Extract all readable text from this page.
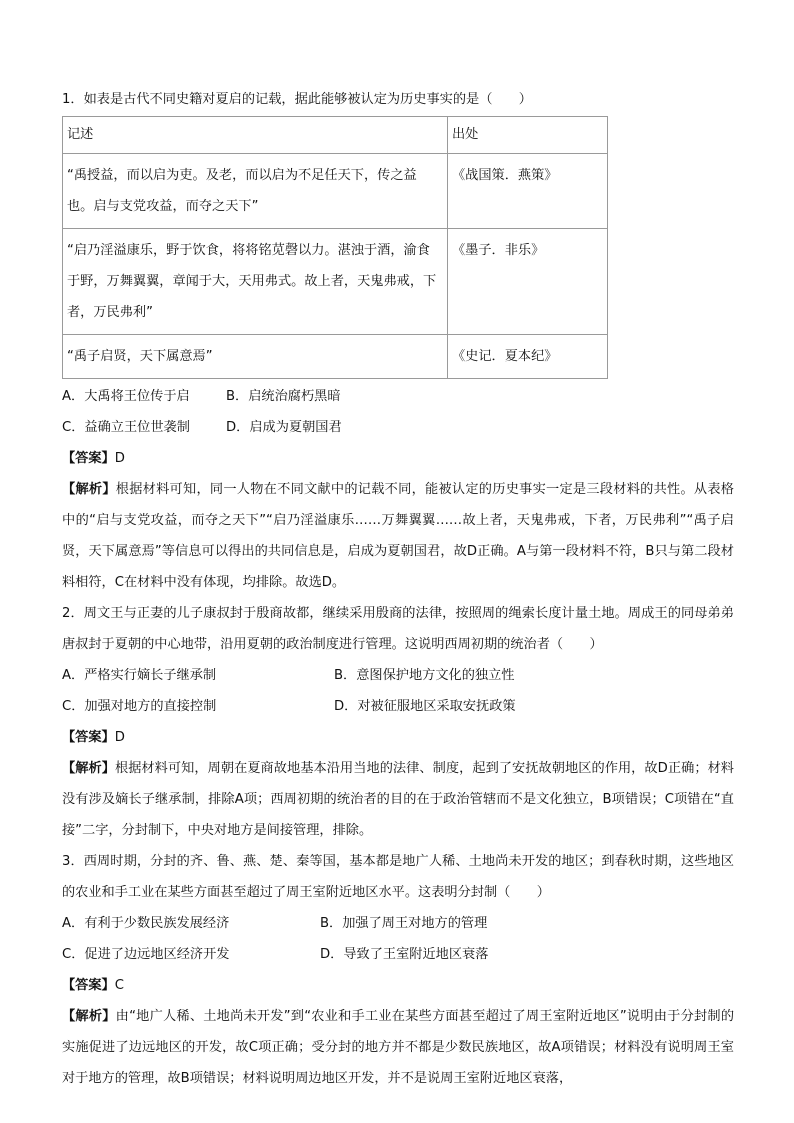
1．如表是古代不同史籍对夏启的记载，据此能够被认定为历史事实的是（　　）
记述	出处
“禹授益，而以启为吏。及老，而以启为不足任天下，传之益也。启与支党攻益，而夺之天下”	《战国策．燕策》
“启乃淫溢康乐，野于饮食，将将铭苋磬以力。湛浊于酒，渝食于野，万舞翼翼，章闻于大，天用弗式。故上者，天鬼弗戒，下者，万民弗利”	《墨子．非乐》
“禹子启贤，天下属意焉”	《史记．夏本纪》
A．大禹将王位传于启	B．启统治腐朽黑暗
C．益确立王位世袭制	D．启成为夏朝国君
【答案】D
【解析】根据材料可知，同一人物在不同文献中的记载不同，能被认定的历史事实一定是三段材料的共性。从表格中的“启与支党攻益，而夺之天下”“启乃淫溢康乐……万舞翼翼……故上者，天鬼弗戒，下者，万民弗利”“禹子启贤，天下属意焉”等信息可以得出的共同信息是，启成为夏朝国君，故D正确。A与第一段材料不符，B只与第二段材料相符，C在材料中没有体现，均排除。故选D。
2．周文王与正妻的儿子康叔封于殷商故都，继续采用殷商的法律，按照周的绳索长度计量土地。周成王的同母弟弟唐叔封于夏朝的中心地带，沿用夏朝的政治制度进行管理。这说明西周初期的统治者（　　）
A．严格实行嫡长子继承制	B．意图保护地方文化的独立性
C．加强对地方的直接控制	D．对被征服地区采取安抚政策
【答案】D
【解析】根据材料可知，周朝在夏商故地基本沿用当地的法律、制度，起到了安抚故朝地区的作用，故D正确；材料没有涉及嫡长子继承制，排除A项；西周初期的统治者的目的在于政治管辖而不是文化独立，B项错误；C项错在“直接”二字，分封制下，中央对地方是间接管理，排除。
3．西周时期，分封的齐、鲁、燕、楚、秦等国，基本都是地广人稀、土地尚未开发的地区；到春秋时期，这些地区的农业和手工业在某些方面甚至超过了周王室附近地区水平。这表明分封制（　　）
A．有利于少数民族发展经济	B．加强了周王对地方的管理
C．促进了边远地区经济开发	D．导致了王室附近地区衰落
【答案】C
【解析】由“地广人稀、土地尚未开发”到“农业和手工业在某些方面甚至超过了周王室附近地区”说明由于分封制的实施促进了边远地区的开发，故C项正确；受分封的地方并不都是少数民族地区，故A项错误；材料没有说明周王室对于地方的管理，故B项错误；材料说明周边地区开发，并不是说周王室附近地区衰落，
